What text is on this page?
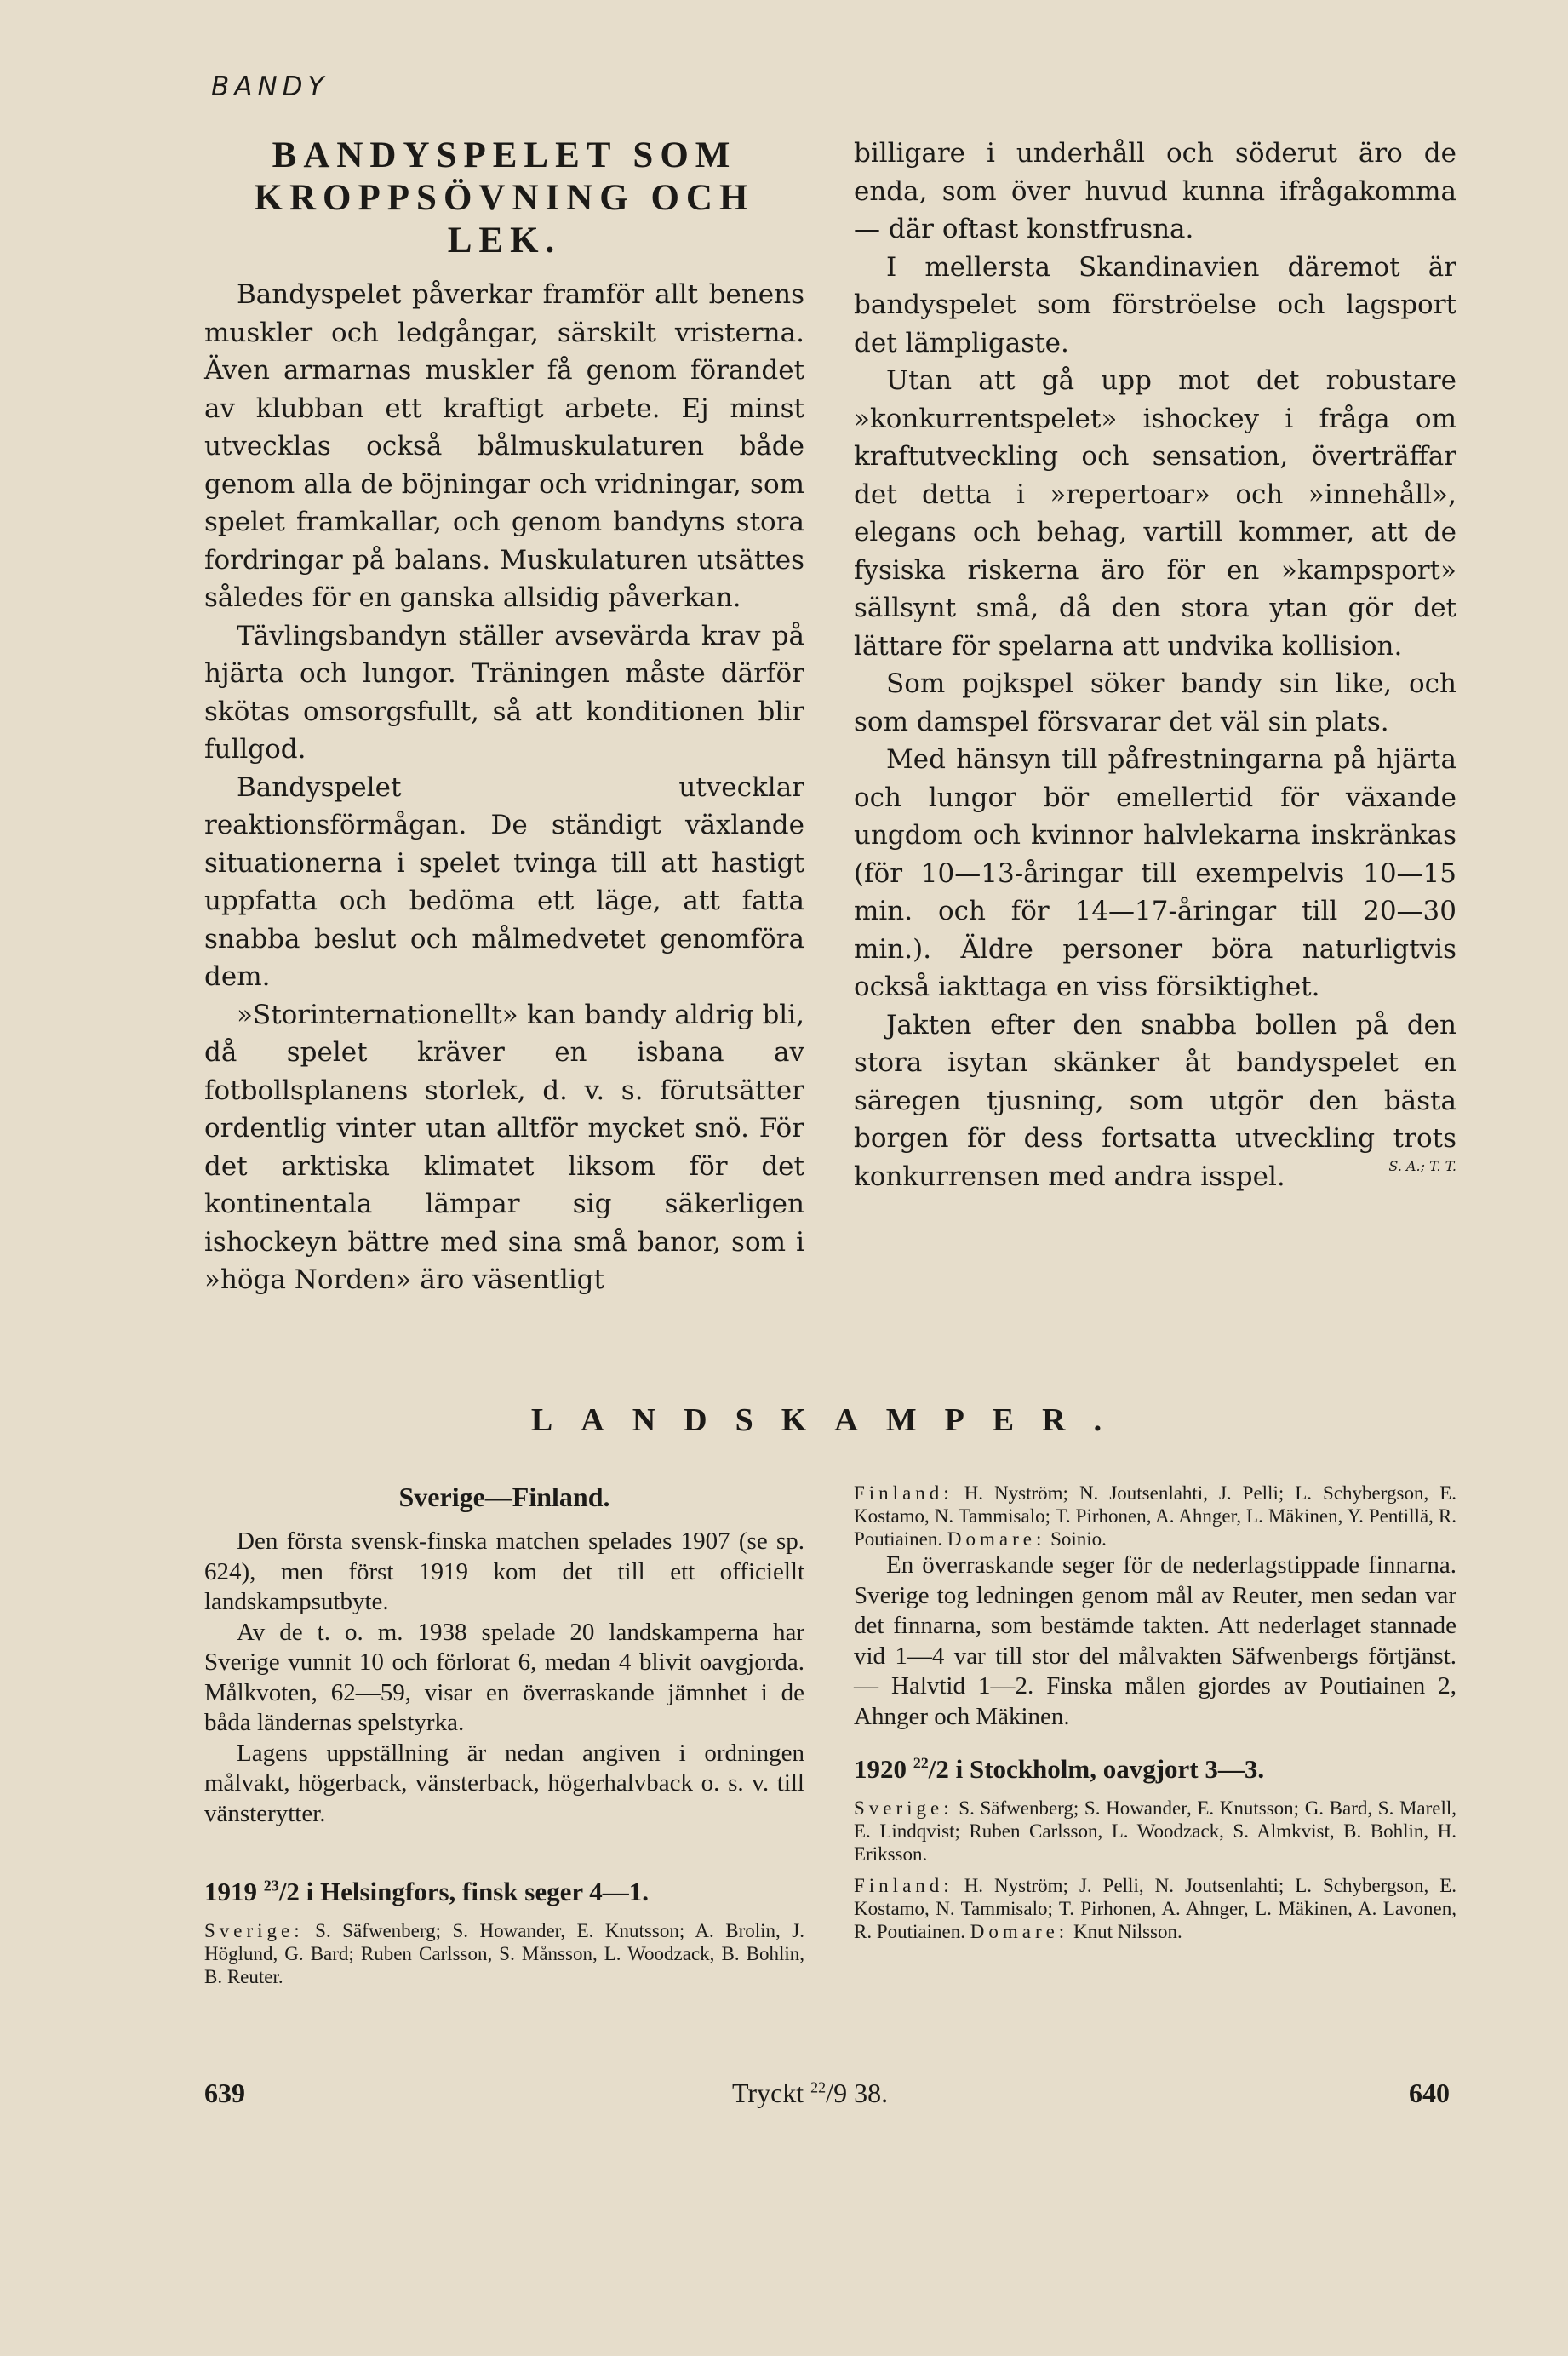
BANDY
BANDYSPELET SOM
KROPPSÖVNING OCH
LEK.

Bandyspelet påverkar framför allt benens muskler och ledgångar, särskilt vristerna. Även armarnas muskler få genom förandet av klubban ett kraftigt arbete. Ej minst utvecklas också bålmuskulaturen både genom alla de böjningar och vridningar, som spelet framkallar, och genom bandyns stora fordringar på balans. Muskulaturen utsättes således för en ganska allsidig påverkan.

Tävlingsbandyn ställer avsevärda krav på hjärta och lungor. Träningen måste därför skötas omsorgsfullt, så att konditionen blir fullgod.

Bandyspelet utvecklar reaktionsförmågan. De ständigt växlande situationerna i spelet tvinga till att hastigt uppfatta och bedöma ett läge, att fatta snabba beslut och målmedvetet genomföra dem.

»Storinternationellt» kan bandy aldrig bli, då spelet kräver en isbana av fotbollsplanens storlek, d. v. s. förutsätter ordentlig vinter utan alltför mycket snö. För det arktiska klimatet liksom för det kontinentala lämpar sig säkerligen ishockeyn bättre med sina små banor, som i »höga Norden» äro väsentligt

billigare i underhåll och söderut äro de enda, som över huvud kunna ifrågakomma — där oftast konstfrusna.

I mellersta Skandinavien däremot är bandyspelet som förströelse och lagsport det lämpligaste.

Utan att gå upp mot det robustare »konkurrentspelet» ishockey i fråga om kraftutveckling och sensation, överträffar det detta i »repertoar» och »innehåll», elegans och behag, vartill kommer, att de fysiska riskerna äro för en »kampsport» sällsynt små, då den stora ytan gör det lättare för spelarna att undvika kollision.

Som pojkspel söker bandy sin like, och som damspel försvarar det väl sin plats.

Med hänsyn till påfrestningarna på hjärta och lungor bör emellertid för växande ungdom och kvinnor halvlekarna inskränkas (för 10—13-åringar till exempelvis 10—15 min. och för 14—17-åringar till 20—30 min.). Äldre personer böra naturligtvis också iakttaga en viss försiktighet.

Jakten efter den snabba bollen på den stora isytan skänker åt bandyspelet en säregen tjusning, som utgör den bästa borgen för dess fortsatta utveckling trots konkurrensen med andra isspel.	S. A.; T. T.
LANDSKAMPER.
Sverige—Finland.

Den första svensk-finska matchen spelades 1907 (se sp. 624), men först 1919 kom det till ett officiellt landskampsutbyte.

Av de t. o. m. 1938 spelade 20 landskamperna har Sverige vunnit 10 och förlorat 6, medan 4 blivit oavgjorda. Målkvoten, 62—59, visar en överraskande jämnhet i de båda ländernas spelstyrka.

Lagens uppställning är nedan angiven i ordningen målvakt, högerback, vänsterback, högerhalvback o. s. v. till vänsterytter.

1919 $^{23}$/2 i Helsingfors, finsk seger 4—1.
Sverige: S. Säfwenberg; S. Howander, E. Knutsson; A. Brolin, J. Höglund, G. Bard; Ruben Carlsson, S. Månsson, L. Woodzack, B. Bohlin, B. Reuter.
Finland: H. Nyström; N. Joutsenlahti, J. Pelli; L. Schybergson, E. Kostamo, N. Tammisalo; T. Pirhonen, A. Ahnger, L. Mäkinen, Y. Pentillä, R. Poutiainen. Domare: Soinio.

En överraskande seger för de nederlagstippade finnarna. Sverige tog ledningen genom mål av Reuter, men sedan var det finnarna, som bestämde takten. Att nederlaget stannade vid 1—4 var till stor del målvakten Säfwenbergs förtjänst. — Halvtid 1—2. Finska målen gjordes av Poutiainen 2, Ahnger och Mäkinen.

1920 $^{22}$/2 i Stockholm, oavgjort 3—3.
Sverige: S. Säfwenberg; S. Howander, E. Knutsson; G. Bard, S. Marell, E. Lindqvist; Ruben Carlsson, L. Woodzack, S. Almkvist, B. Bohlin, H. Eriksson.
Finland: H. Nyström; J. Pelli, N. Joutsenlahti; L. Schybergson, E. Kostamo, N. Tammisalo; T. Pirhonen, A. Ahnger, L. Mäkinen, A. Lavonen, R. Poutiainen. Domare: Knut Nilsson.
639	Tryckt $^{22}$/9 38.	640
